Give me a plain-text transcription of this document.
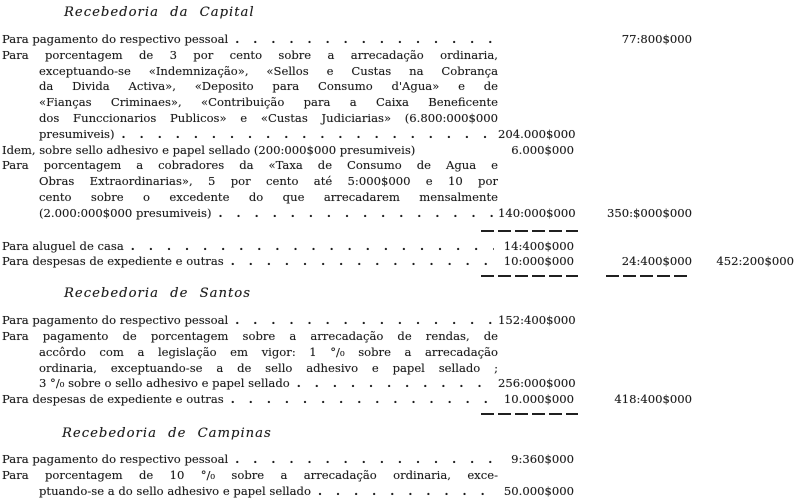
Recebedoria da Capital
Para pagamento do respectivo pessoal . . .	77:800$000
Para porcentagem de 3 por cento sobre a arrecadação ordinaria,
exceptuando-se «Indemnização», «Sellos e Custas na Cobrança
da Divida Activa», «Deposito para Consumo d'Agua» e de
«Fianças Criminaes», «Contribuição para a Caixa Beneficente
dos Funccionarios Publicos» e «Custas Judiciarias» (6.800:000$000
presumiveis) . . .	204.000$000
Idem, sobre sello adhesivo e papel sellado (200:000$000 presumiveis)	6.000$000
Para porcentagem a cobradores da «Taxa de Consumo de Agua e
Obras Extraordinarias», 5 por cento até 5:000$000 e 10 por
cento sobre o excedente do que arrecadarem mensalmente
(2.000:000$000 presumiveis) . . .	140:000$000	350:$000$000
Para aluguel de casa . . .	14:400$000
Para despesas de expediente e outras . . .	10:000$000	24:400$000	452:200$000
Recebedoria de Santos
Para pagamento do respectivo pessoal . . .	152:400$000
Para pagamento de porcentagem sobre a arrecadação de rendas, de
accôrdo com a legislação em vigor: 1 °/₀ sobre a arrecadação
ordinaria, exceptuando-se a de sello adhesivo e papel sellado ;
3 °/₀ sobre o sello adhesivo e papel sellado . . .	256:000$000
Para despesas de expediente e outras . . .	10.000$000	418:400$000
Recebedoria de Campinas
Para pagamento do respectivo pessoal . . .	9:360$000
Para porcentagem de 10 °/₀ sobre a arrecadação ordinaria, exce-
ptuando-se a do sello adhesivo e papel sellado . . .	50.000$000
